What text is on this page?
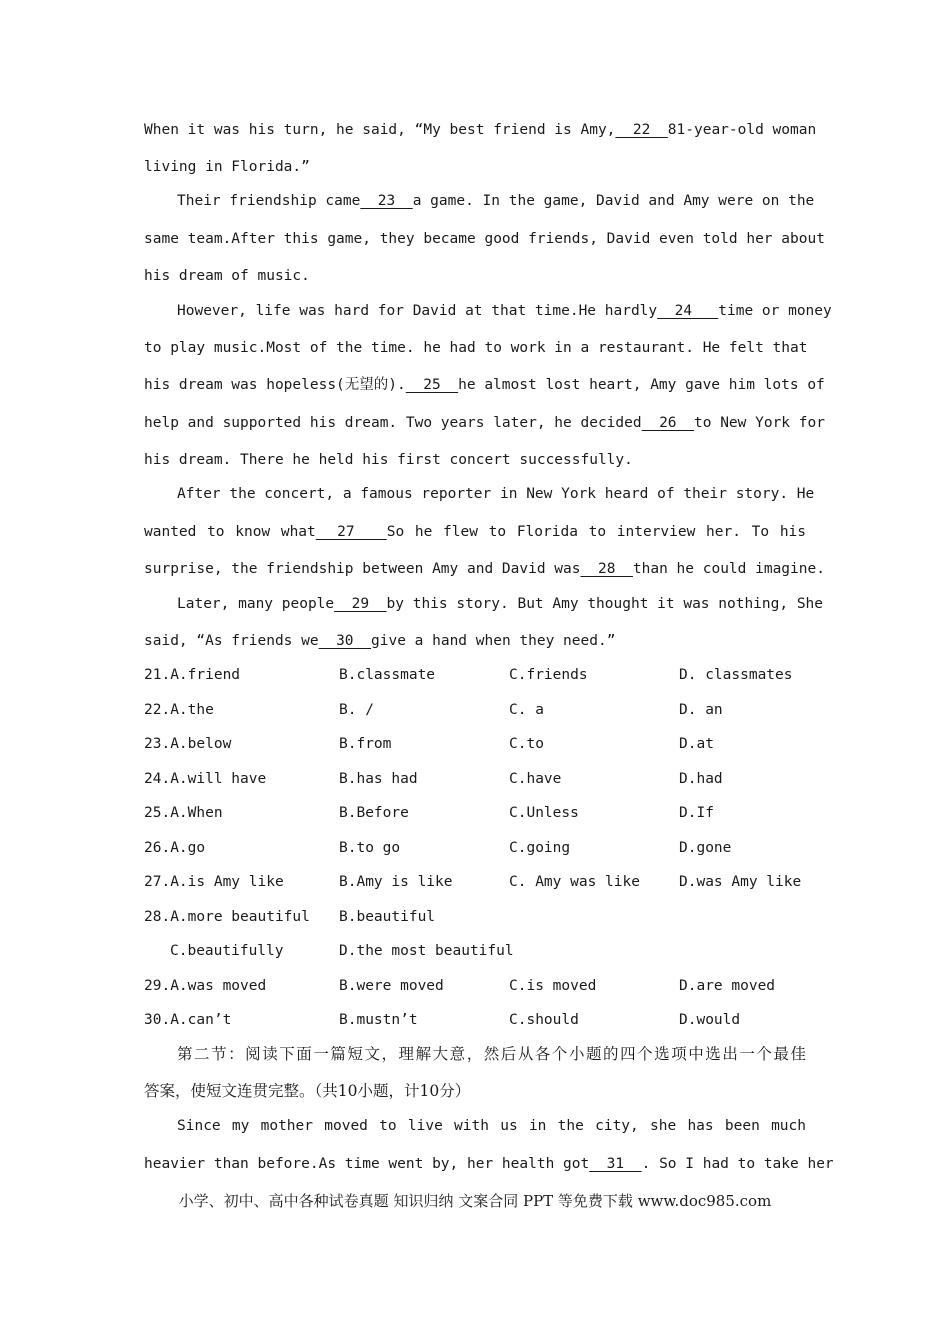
When it was his turn, he said, “My best friend is Amy,  22  81-year-old woman
living in Florida.”
Their friendship came  23  a game. In the game, David and Amy were on the
same team.After this game, they became good friends, David even told her about
his dream of music.
However, life was hard for David at that time.He hardly  24   time or money
to play music.Most of the time. he had to work in a restaurant. He felt that
his dream was hopeless(无望的).  25  he almost lost heart, Amy gave him lots of
help and supported his dream. Two years later, he decided  26  to New York for
his dream. There he held his first concert successfully.
After the concert, a famous reporter in New York heard of their story. He
wanted to know what  27   So he flew to Florida to interview her. To his
surprise, the friendship between Amy and David was  28  than he could imagine.
Later, many people  29  by this story. But Amy thought it was nothing, She
said, “As friends we  30  give a hand when they need.”
21.A.friend	B.classmate	C.friends	D. classmates
22.A.the	B. /	C. a	D. an
23.A.below	B.from	C.to	D.at
24.A.will have	B.has had	C.have	D.had
25.A.When	B.Before	C.Unless	D.If
26.A.go	B.to go	C.going	D.gone
27.A.is Amy like	B.Amy is like	C. Amy was like	D.was Amy like
28.A.more beautiful B.beautiful
C.beautifully	D.the most beautiful
29.A.was moved	B.were moved	C.is moved	D.are moved
30.A.can’t	B.mustn’t	C.should	D.would
第二节：阅读下面一篇短文，理解大意，然后从各个小题的四个选项中选出一个最佳
答案，使短文连贯完整。（共10小题，计10分）
Since my mother moved to live with us in the city, she has been much
heavier than before.As time went by, her health got  31  . So I had to take her
小学、初中、高中各种试卷真题 知识归纳 文案合同 PPT 等免费下载 www.doc985.com
